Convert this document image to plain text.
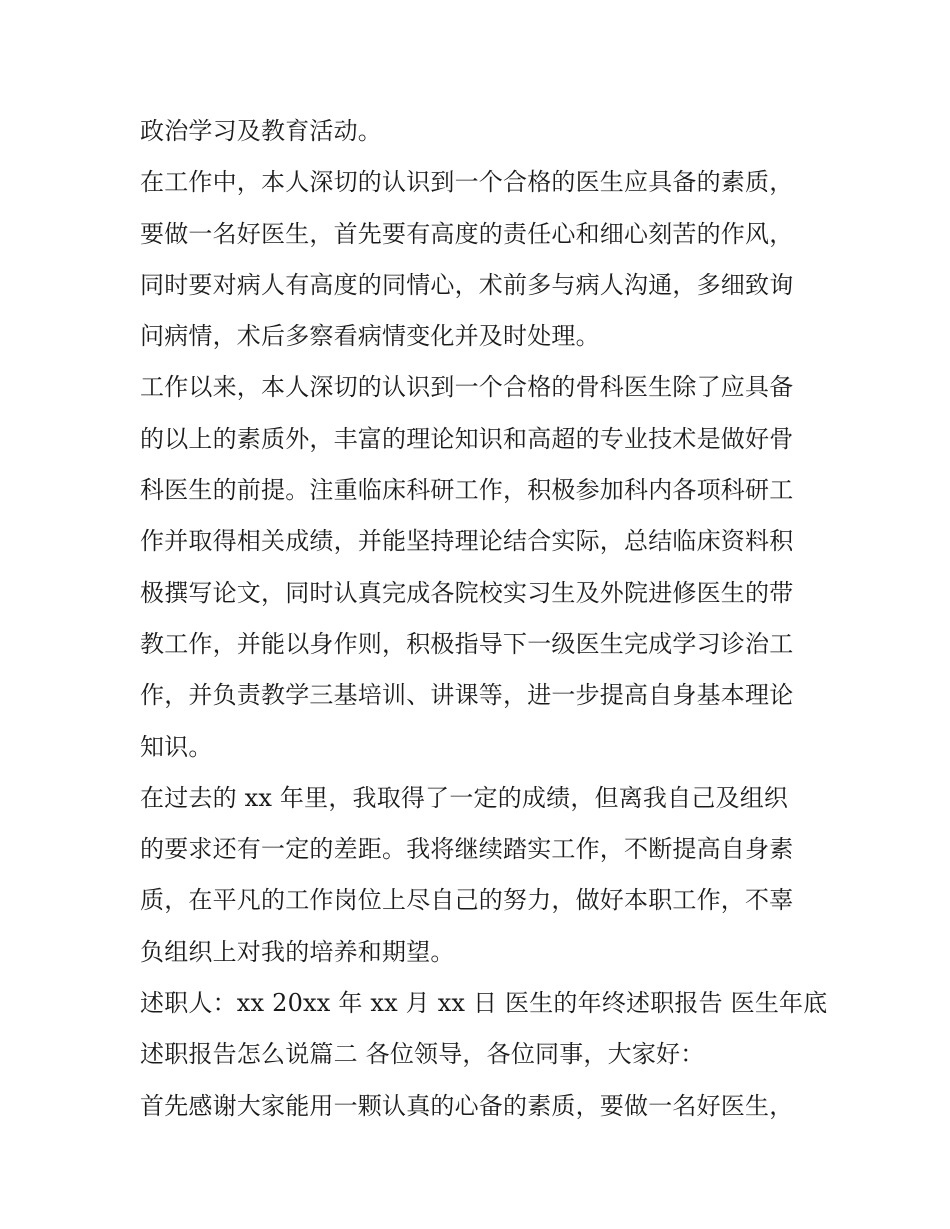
政治学习及教育活动。
在工作中，本人深切的认识到一个合格的医生应具备的素质，
要做一名好医生，首先要有高度的责任心和细心刻苦的作风，
同时要对病人有高度的同情心，术前多与病人沟通，多细致询
问病情，术后多察看病情变化并及时处理。
工作以来，本人深切的认识到一个合格的骨科医生除了应具备
的以上的素质外，丰富的理论知识和高超的专业技术是做好骨
科医生的前提。注重临床科研工作，积极参加科内各项科研工
作并取得相关成绩，并能坚持理论结合实际，总结临床资料积
极撰写论文，同时认真完成各院校实习生及外院进修医生的带
教工作，并能以身作则，积极指导下一级医生完成学习诊治工
作，并负责教学三基培训、讲课等，进一步提高自身基本理论
知识。
在过去的 xx 年里，我取得了一定的成绩，但离我自己及组织
的要求还有一定的差距。我将继续踏实工作，不断提高自身素
质，在平凡的工作岗位上尽自己的努力，做好本职工作，不辜
负组织上对我的培养和期望。
述职人：xx 20xx 年 xx 月 xx 日 医生的年终述职报告 医生年底
述职报告怎么说篇二 各位领导，各位同事，大家好：
首先感谢大家能用一颗认真的心备的素质，要做一名好医生，
